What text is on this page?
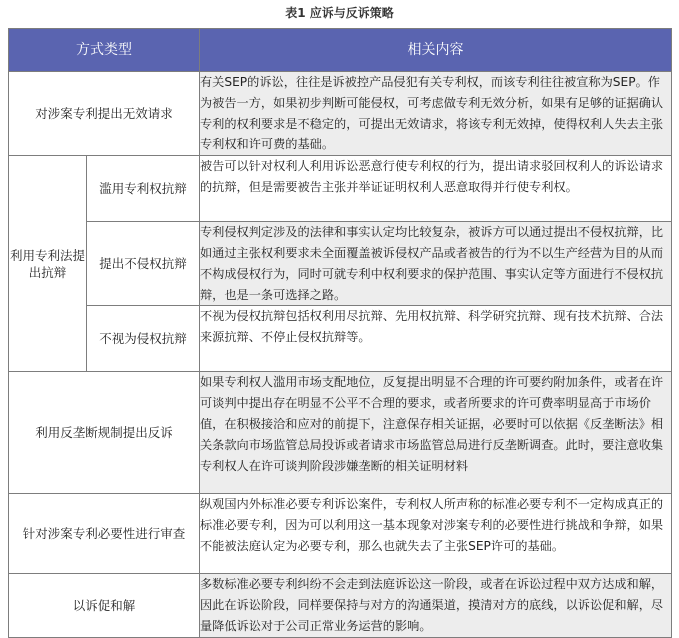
表1 应诉与反诉策略
方式类型		相关内容
对涉案专利提出无效请求		有关SEP的诉讼，往往是诉被控产品侵犯有关专利权，而该专利往往被宣称为SEP。作为被告一方，如果初步判断可能侵权，可考虑做专利无效分析，如果有足够的证据确认专利的权利要求是不稳定的，可提出无效请求，将该专利无效掉，使得权利人失去主张专利权和许可费的基础。
利用专利法提出抗辩	滥用专利权抗辩	被告可以针对权利人利用诉讼恶意行使专利权的行为，提出请求驳回权利人的诉讼请求的抗辩，但是需要被告主张并举证证明权利人恶意取得并行使专利权。
	提出不侵权抗辩	专利侵权判定涉及的法律和事实认定均比较复杂，被诉方可以通过提出不侵权抗辩，比如通过主张权利要求未全面覆盖被诉侵权产品或者被告的行为不以生产经营为目的从而不构成侵权行为，同时可就专利中权利要求的保护范围、事实认定等方面进行不侵权抗辩，也是一条可选择之路。
	不视为侵权抗辩	不视为侵权抗辩包括权利用尽抗辩、先用权抗辩、科学研究抗辩、现有技术抗辩、合法来源抗辩、不停止侵权抗辩等。
利用反垄断规制提出反诉		如果专利权人滥用市场支配地位，反复提出明显不合理的许可要约附加条件，或者在许可谈判中提出存在明显不公平不合理的要求，或者所要求的许可费率明显高于市场价值，在积极接洽和应对的前提下，注意保存相关证据，必要时可以依据《反垄断法》相关条款向市场监管总局投诉或者请求市场监管总局进行反垄断调查。此时，要注意收集专利权人在许可谈判阶段涉嫌垄断的相关证明材料
针对涉案专利必要性进行审查		纵观国内外标准必要专利诉讼案件，专利权人所声称的标准必要专利不一定构成真正的标准必要专利，因为可以利用这一基本现象对涉案专利的必要性进行挑战和争辩，如果不能被法庭认定为必要专利，那么也就失去了主张SEP许可的基础。
以诉促和解		多数标准必要专利纠纷不会走到法庭诉讼这一阶段，或者在诉讼过程中双方达成和解，因此在诉讼阶段，同样要保持与对方的沟通渠道，摸清对方的底线，以诉讼促和解，尽量降低诉讼对于公司正常业务运营的影响。
